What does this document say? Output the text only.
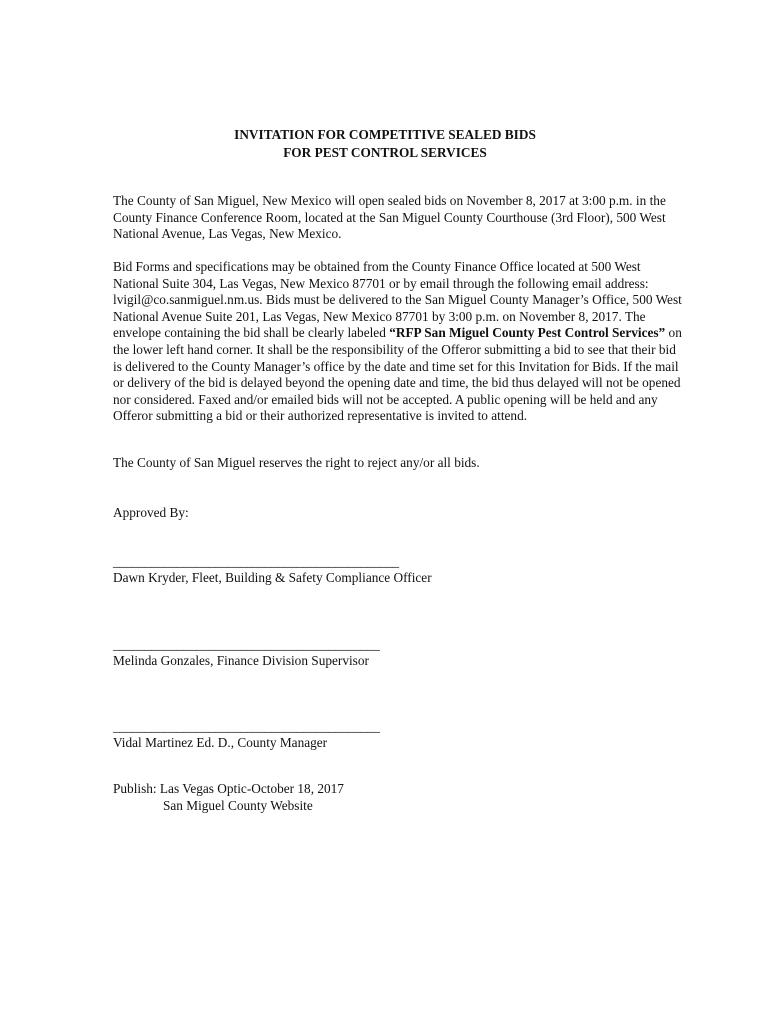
INVITATION FOR COMPETITIVE SEALED BIDS
FOR PEST CONTROL SERVICES
The County of San Miguel, New Mexico will open sealed bids on November 8, 2017 at 3:00 p.m. in the County Finance Conference Room, located at the San Miguel County Courthouse (3rd Floor), 500 West National Avenue, Las Vegas, New Mexico.
Bid Forms and specifications may be obtained from the County Finance Office located at 500 West National Suite 304, Las Vegas, New Mexico 87701 or by email through the following email address: lvigil@co.sanmiguel.nm.us. Bids must be delivered to the San Miguel County Manager’s Office, 500 West National Avenue Suite 201, Las Vegas, New Mexico 87701 by 3:00 p.m. on November 8, 2017. The envelope containing the bid shall be clearly labeled “RFP San Miguel County Pest Control Services” on the lower left hand corner. It shall be the responsibility of the Offeror submitting a bid to see that their bid is delivered to the County Manager’s office by the date and time set for this Invitation for Bids. If the mail or delivery of the bid is delayed beyond the opening date and time, the bid thus delayed will not be opened nor considered. Faxed and/or emailed bids will not be accepted. A public opening will be held and any Offeror submitting a bid or their authorized representative is invited to attend.
The County of San Miguel reserves the right to reject any/or all bids.
Approved By:
_____________________________________________
Dawn Kryder, Fleet, Building & Safety Compliance Officer
__________________________________________
Melinda Gonzales, Finance Division Supervisor
__________________________________________
Vidal Martinez Ed. D., County Manager
Publish: Las Vegas Optic-October 18, 2017
San Miguel County Website
